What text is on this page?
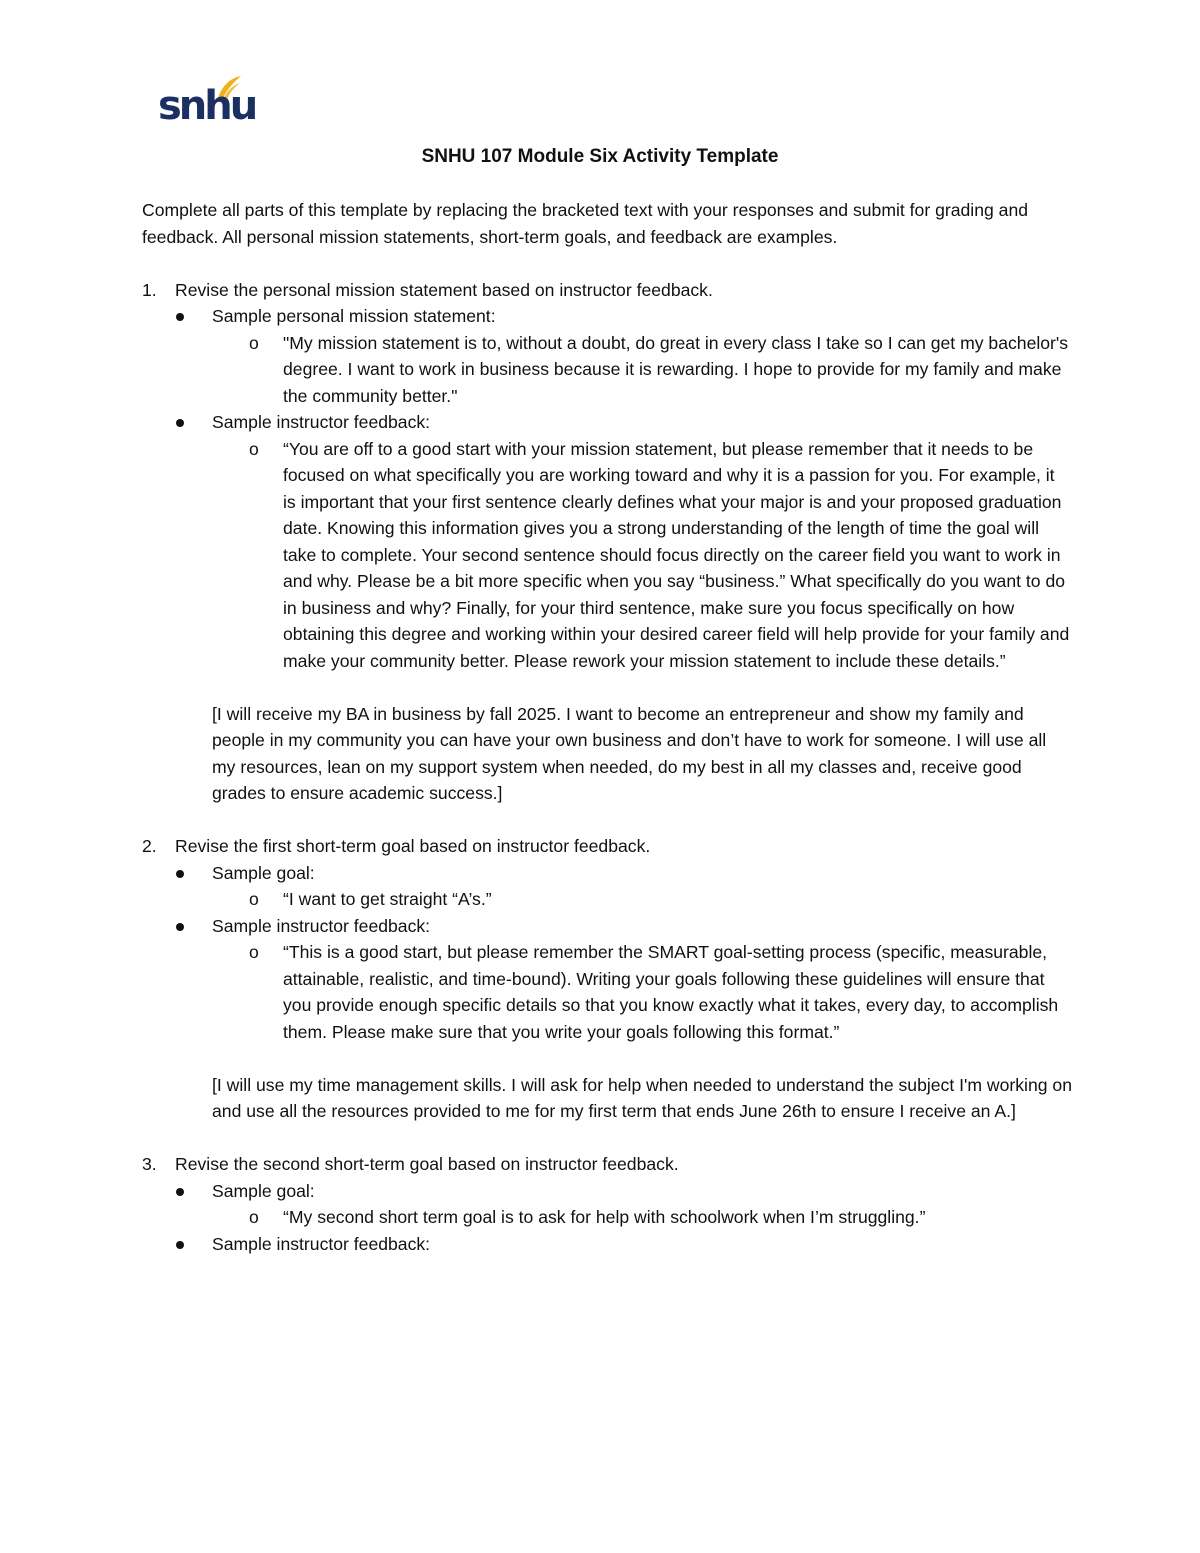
snhu
SNHU 107 Module Six Activity Template

Complete all parts of this template by replacing the bracketed text with your responses and submit for grading and feedback. All personal mission statements, short-term goals, and feedback are examples.

1. Revise the personal mission statement based on instructor feedback.

Sample personal mission statement:

o "My mission statement is to, without a doubt, do great in every class I take so I can get my bachelor's degree. I want to work in business because it is rewarding. I hope to provide for my family and make the community better."

Sample instructor feedback:

o “You are off to a good start with your mission statement, but please remember that it needs to be focused on what specifically you are working toward and why it is a passion for you. For example, it is important that your first sentence clearly defines what your major is and your proposed graduation date. Knowing this information gives you a strong understanding of the length of time the goal will take to complete. Your second sentence should focus directly on the career field you want to work in and why. Please be a bit more specific when you say “business.” What specifically do you want to do in business and why? Finally, for your third sentence, make sure you focus specifically on how obtaining this degree and working within your desired career field will help provide for your family and make your community better. Please rework your mission statement to include these details.”

[I will receive my BA in business by fall 2025. I want to become an entrepreneur and show my family and people in my community you can have your own business and don’t have to work for someone. I will use all my resources, lean on my support system when needed, do my best in all my classes and, receive good grades to ensure academic success.]

2. Revise the first short-term goal based on instructor feedback.

Sample goal:

o “I want to get straight “A’s.”

Sample instructor feedback:

o “This is a good start, but please remember the SMART goal-setting process (specific, measurable, attainable, realistic, and time-bound). Writing your goals following these guidelines will ensure that you provide enough specific details so that you know exactly what it takes, every day, to accomplish them. Please make sure that you write your goals following this format.”

[I will use my time management skills. I will ask for help when needed to understand the subject I'm working on and use all the resources provided to me for my first term that ends June 26th to ensure I receive an A.]

3. Revise the second short-term goal based on instructor feedback.

Sample goal:

o “My second short term goal is to ask for help with schoolwork when I’m struggling.”

Sample instructor feedback:
